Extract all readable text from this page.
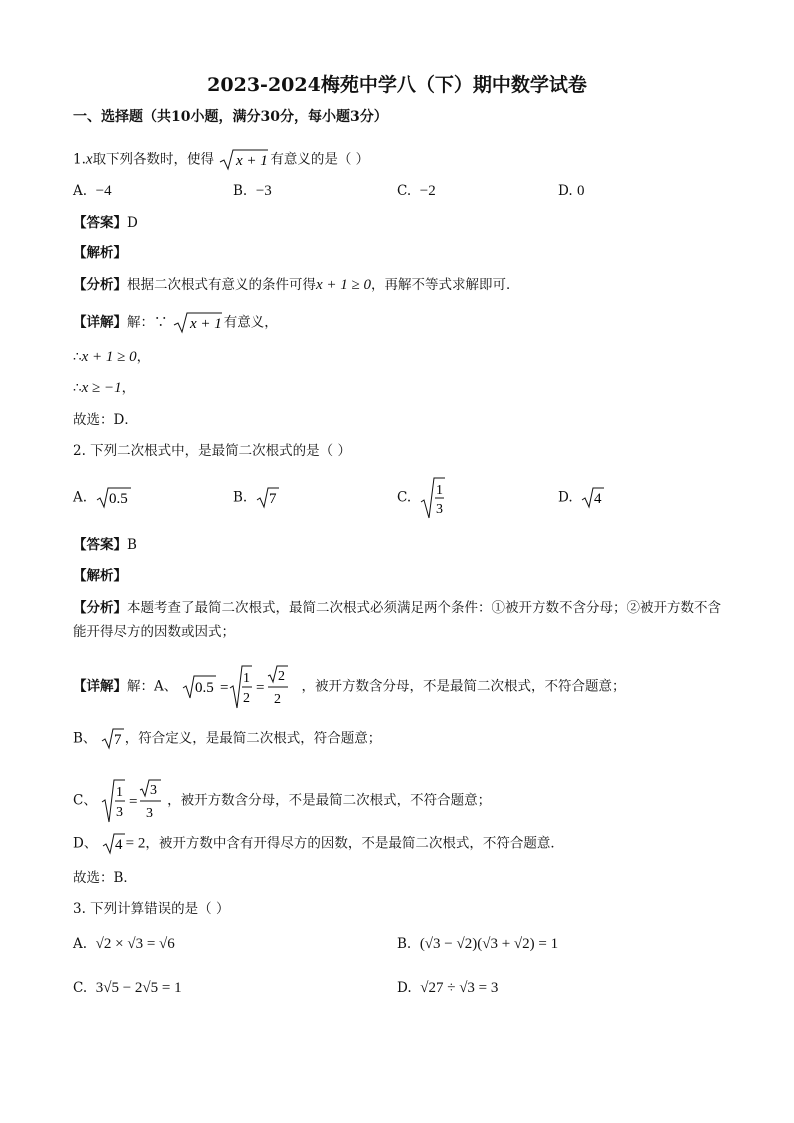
2023-2024梅苑中学八（下）期中数学试卷
一、选择题（共10小题，满分30分，每小题3分）
1.x取下列各数时，使得 x + 1 有意义的是（ ）
A. −4	B. −3	C. −2	D. 0
【答案】D
【解析】
【分析】根据二次根式有意义的条件可得x + 1 ≥ 0，再解不等式求解即可．
【详解】解：∵ x + 1 有意义，
∴x + 1 ≥ 0，
∴x ≥ −1，
故选：D．
2. 下列二次根式中，是最简二次根式的是（ ）
A. 0.5	B. 7	C. 1
3
D. 4
【答案】B
【解析】
【分析】本题考查了最简二次根式，最简二次根式必须满足两个条件：①被开方数不含分母；②被开方数不含能开得尽方的因数或因式；
【详解】解：A、 0.5 =
1
2
=
2
2
，被开方数含分母，不是最简二次根式，不符合题意；
B、 7 ，符合定义，是最简二次根式，符合题意；
C、 1
3
=
3
3
，被开方数含分母，不是最简二次根式，不符合题意；
D、 4 = 2，被开方数中含有开得尽方的因数，不是最简二次根式，不符合题意．
故选：B．
3. 下列计算错误的是（ ）
A. √2 × √3 = √6	B. (√3 − √2)(√3 + √2) = 1
C. 3√5 − 2√5 = 1	D. √27 ÷ √3 = 3
